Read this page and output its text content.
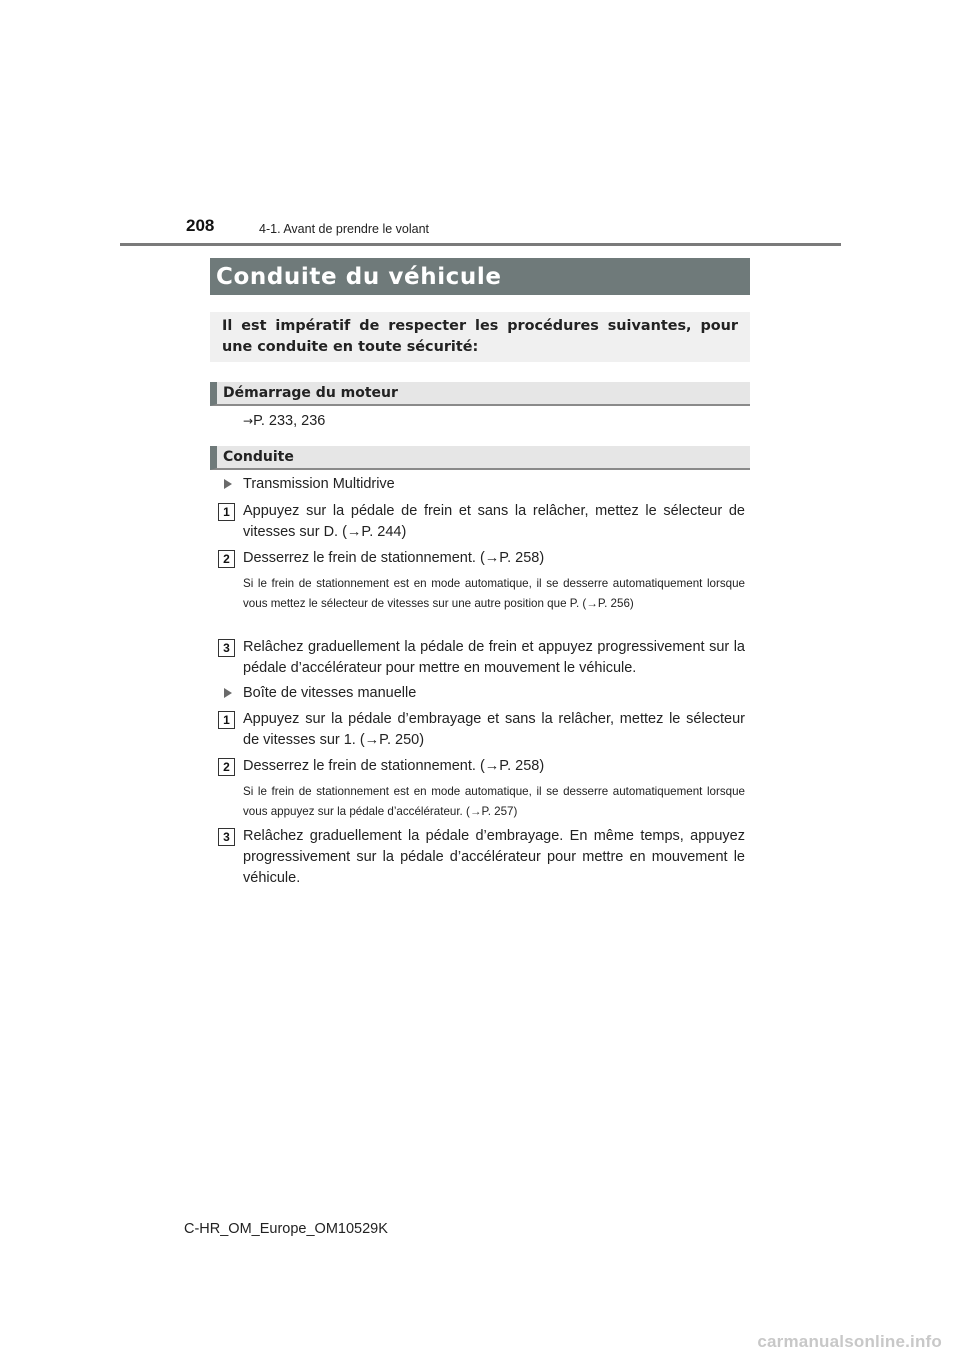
208	4-1. Avant de prendre le volant
Conduite du véhicule
Il est impératif de respecter les procédures suivantes, pour une conduite en toute sécurité:
Démarrage du moteur
→P. 233, 236
Conduite
Transmission Multidrive
1 Appuyez sur la pédale de frein et sans la relâcher, mettez le sélecteur de vitesses sur D. (→P. 244)
2 Desserrez le frein de stationnement. (→P. 258)
Si le frein de stationnement est en mode automatique, il se desserre automatiquement lorsque vous mettez le sélecteur de vitesses sur une autre position que P. (→P. 256)
3 Relâchez graduellement la pédale de frein et appuyez progressivement sur la pédale d’accélérateur pour mettre en mouvement le véhicule.
Boîte de vitesses manuelle
1 Appuyez sur la pédale d’embrayage et sans la relâcher, mettez le sélecteur de vitesses sur 1. (→P. 250)
2 Desserrez le frein de stationnement. (→P. 258)
Si le frein de stationnement est en mode automatique, il se desserre automatiquement lorsque vous appuyez sur la pédale d’accélérateur. (→P. 257)
3 Relâchez graduellement la pédale d’embrayage. En même temps, appuyez progressivement sur la pédale d’accélérateur pour mettre en mouvement le véhicule.
C-HR_OM_Europe_OM10529K
carmanualsonline.info
